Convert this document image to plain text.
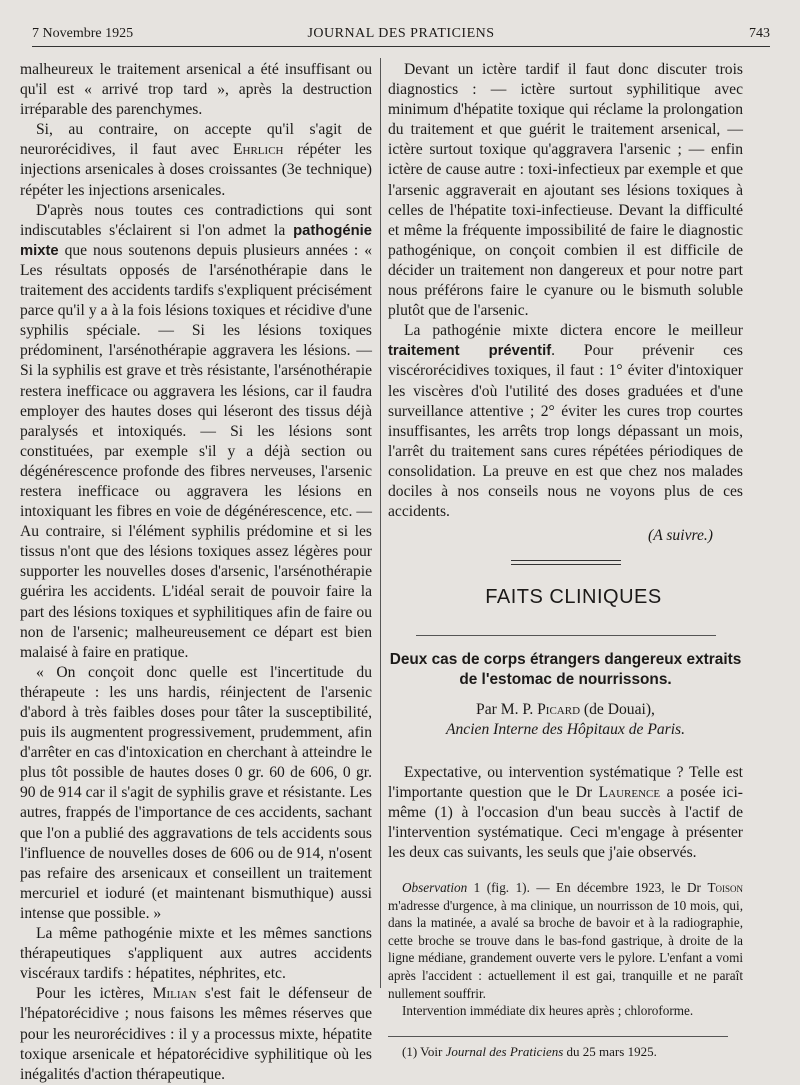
7 Novembre 1925	JOURNAL DES PRATICIENS	743

malheureux le traitement arsenical a été insuffisant ou qu'il est « arrivé trop tard », après la destruction irréparable des parenchymes.

Si, au contraire, on accepte qu'il s'agit de neurorécidives, il faut avec Ehrlich répéter les injections arsenicales à doses croissantes (3e technique) répéter les injections arsenicales.

D'après nous toutes ces contradictions qui sont indiscutables s'éclairent si l'on admet la pathogénie mixte que nous soutenons depuis plusieurs années : « Les résultats opposés de l'arsénothérapie dans le traitement des accidents tardifs s'expliquent précisément parce qu'il y a à la fois lésions toxiques et récidive d'une syphilis spéciale. — Si les lésions toxiques prédominent, l'arsénothérapie aggravera les lésions. — Si la syphilis est grave et très résistante, l'arsénothérapie restera inefficace ou aggravera les lésions, car il faudra employer des hautes doses qui léseront des tissus déjà paralysés et intoxiqués. — Si les lésions sont constituées, par exemple s'il y a déjà section ou dégénérescence profonde des fibres nerveuses, l'arsenic restera inefficace ou aggravera les lésions en intoxiquant les fibres en voie de dégénérescence, etc. — Au contraire, si l'élément syphilis prédomine et si les tissus n'ont que des lésions toxiques assez légères pour supporter les nouvelles doses d'arsenic, l'arsénothérapie guérira les accidents. L'idéal serait de pouvoir faire la part des lésions toxiques et syphilitiques afin de faire ou non de l'arsenic; malheureusement ce départ est bien malaisé à faire en pratique.

« On conçoit donc quelle est l'incertitude du thérapeute : les uns hardis, réinjectent de l'arsenic d'abord à très faibles doses pour tâter la susceptibilité, puis ils augmentent progressivement, prudemment, afin d'arrêter en cas d'intoxication en cherchant à atteindre le plus tôt possible de hautes doses 0 gr. 60 de 606, 0 gr. 90 de 914 car il s'agit de syphilis grave et résistante. Les autres, frappés de l'importance de ces accidents, sachant que l'on a publié des aggravations de tels accidents sous l'influence de nouvelles doses de 606 ou de 914, n'osent pas refaire des arsenicaux et conseillent un traitement mercuriel et ioduré (et maintenant bismuthique) aussi intense que possible. »

La même pathogénie mixte et les mêmes sanctions thérapeutiques s'appliquent aux autres accidents viscéraux tardifs : hépatites, néphrites, etc.

Pour les ictères, Milian s'est fait le défenseur de l'hépatorécidive ; nous faisons les mêmes réserves que pour les neurorécidives : il y a processus mixte, hépatite toxique arsenicale et hépatorécidive syphilitique où les inégalités d'action thérapeutique.

Devant un ictère tardif il faut donc discuter trois diagnostics : — ictère surtout syphilitique avec minimum d'hépatite toxique qui réclame la prolongation du traitement et que guérit le traitement arsenical, — ictère surtout toxique qu'aggravera l'arsenic ; — enfin ictère de cause autre : toxi-infectieux par exemple et que l'arsenic aggraverait en ajoutant ses lésions toxiques à celles de l'hépatite toxi-infectieuse. Devant la difficulté et même la fréquente impossibilité de faire le diagnostic pathogénique, on conçoit combien il est difficile de décider un traitement non dangereux et pour notre part nous préférons faire le cyanure ou le bismuth soluble plutôt que de l'arsenic.

La pathogénie mixte dictera encore le meilleur traitement préventif. Pour prévenir ces viscérorécidives toxiques, il faut : 1° éviter d'intoxiquer les viscères d'où l'utilité des doses graduées et d'une surveillance attentive ; 2° éviter les cures trop courtes insuffisantes, les arrêts trop longs dépassant un mois, l'arrêt du traitement sans cures répétées périodiques de consolidation. La preuve en est que chez nos malades dociles à nos conseils nous ne voyons plus de ces accidents.

(A suivre.)

FAITS CLINIQUES

Deux cas de corps étrangers dangereux extraits de l'estomac de nourrissons.

Par M. P. Picard (de Douai),

Ancien Interne des Hôpitaux de Paris.

Expectative, ou intervention systématique ? Telle est l'importante question que le Dr Laurence a posée ici-même (1) à l'occasion d'un beau succès à l'actif de l'intervention systématique. Ceci m'engage à présenter les deux cas suivants, les seuls que j'aie observés.

Observation 1 (fig. 1). — En décembre 1923, le Dr Toison m'adresse d'urgence, à ma clinique, un nourrisson de 10 mois, qui, dans la matinée, a avalé sa broche de bavoir et à la radiographie, cette broche se trouve dans le bas-fond gastrique, à droite de la ligne médiane, grandement ouverte vers le pylore. L'enfant a vomi après l'accident : actuellement il est gai, tranquille et ne paraît nullement souffrir.

Intervention immédiate dix heures après ; chloroforme.

(1) Voir Journal des Praticiens du 25 mars 1925.
